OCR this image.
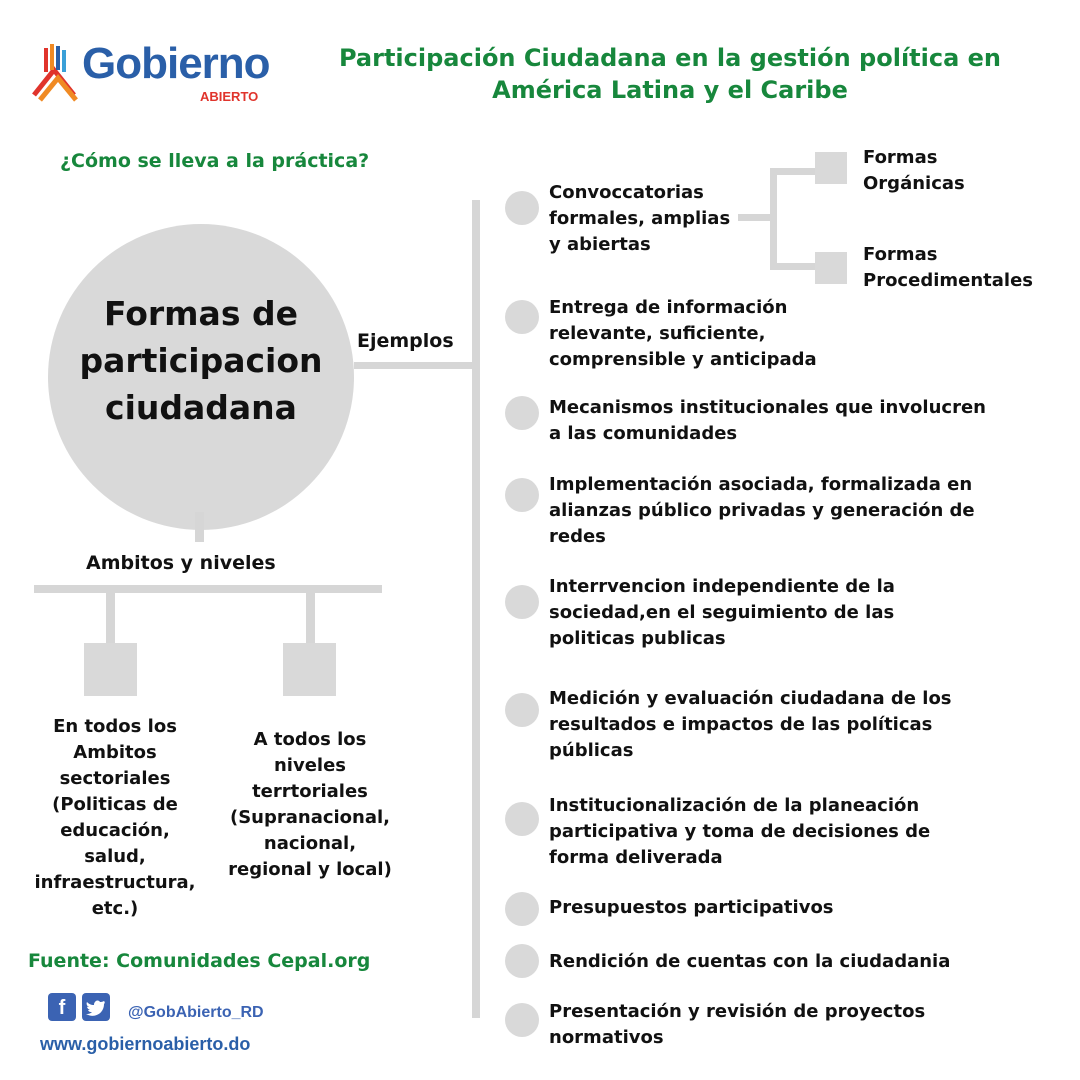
Gobierno
ABIERTO
Participación Ciudadana en la gestión política en
América Latina y el Caribe
¿Cómo se lleva a la práctica?
Formas de
participacion
ciudadana
Ejemplos
Ambitos y niveles
En todos los
Ambitos
sectoriales
(Politicas de
educación,
salud,
infraestructura,
etc.)
A todos los
niveles
terrtoriales
(Supranacional,
nacional,
regional y local)
Formas
Orgánicas
Formas
Procedimentales
Convoccatorias
formales, amplias
y abiertas
Entrega de información
relevante, suficiente,
comprensible y anticipada
Mecanismos institucionales que involucren
a las comunidades
Implementación asociada, formalizada en
alianzas público privadas y generación de
redes
Interrvencion independiente de la
sociedad,en el seguimiento de las
politicas publicas
Medición y evaluación ciudadana de los
resultados e impactos de las políticas
públicas
Institucionalización de la planeación
participativa y toma de decisiones de
forma deliverada
Presupuestos participativos
Rendición de cuentas con la ciudadania
Presentación y revisión de proyectos
normativos
Fuente: Comunidades Cepal.org
f	@GobAbierto_RD
www.gobiernoabierto.do
